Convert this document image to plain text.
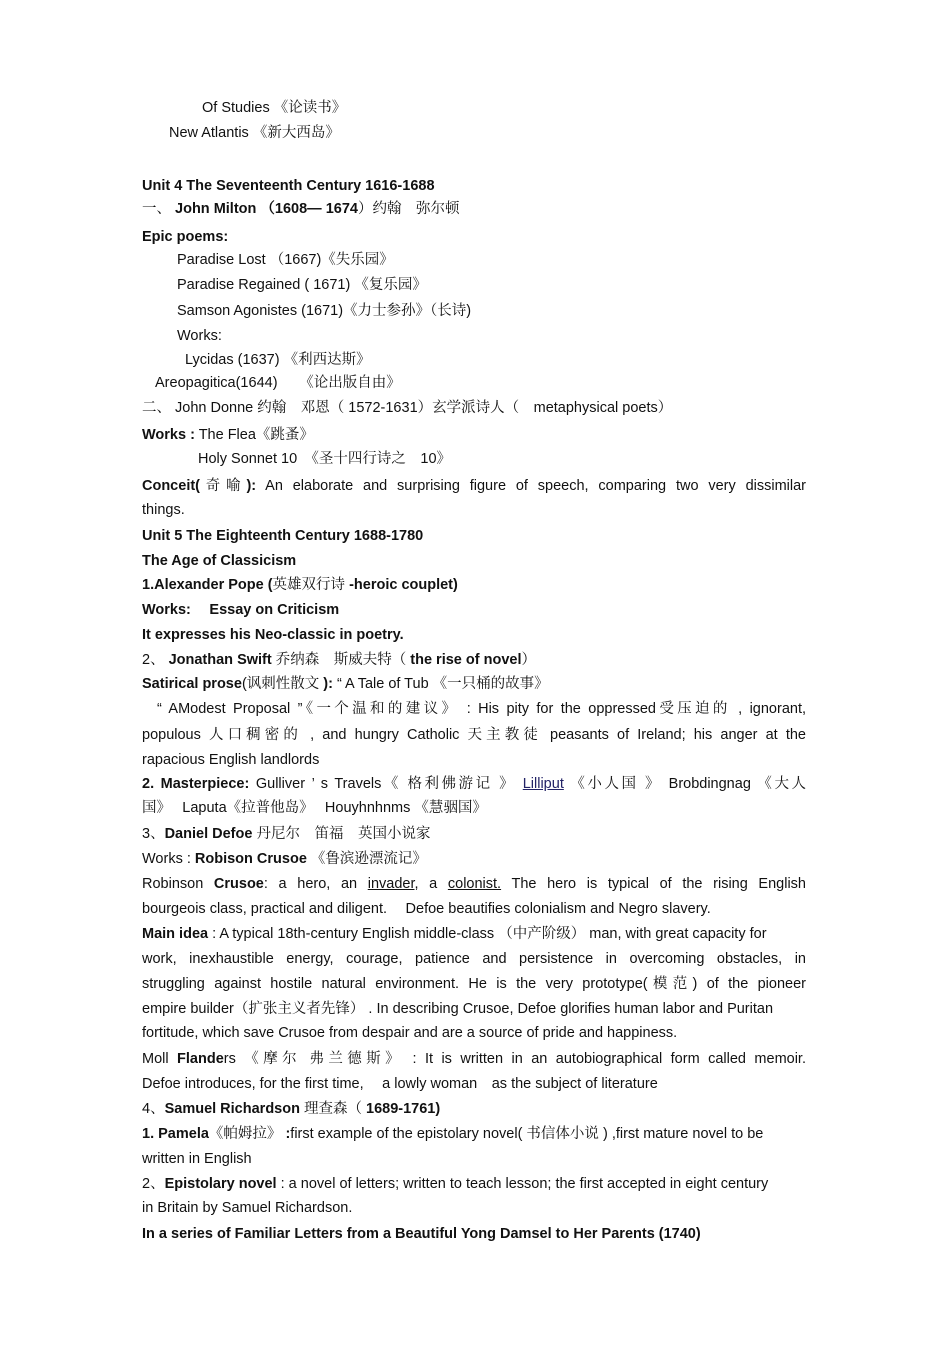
Of Studies 《论读书》
New Atlantis 《新大西岛》
Unit 4 The Seventeenth Century 1616-1688
一、 John Milton （1608— 1674）约翰　弥尔顿
Epic poems:
Paradise Lost （1667)《失乐园》
Paradise Regained ( 1671) 《复乐园》
Samson Agonistes (1671)《力士参孙》（长诗)
Works:
Lycidas (1637) 《利西达斯》
Areopagitica(1644)　　《论出版自由》
二、 John Donne 约翰　邓恩（ 1572-1631）玄学派诗人（　metaphysical poets）
Works : The Flea《跳蚤》
Holy Sonnet 10　《圣十四行诗之　10》
Conceit(奇喻): An elaborate and surprising figure of speech, comparing two very dissimilar
things.
Unit 5 The Eighteenth Century 1688-1780
The Age of Classicism
1.Alexander Pope (英雄双行诗 -heroic couplet)
Works:　 Essay on Criticism
It expresses his Neo-classic in poetry.
2、 Jonathan Swift 乔纳森　斯威夫特（ the rise of novel）
Satirical prose(讽刺性散文 ): “ A Tale of Tub 《一只桶的故事》
“ AModest Proposal ”《一个温和的建议》 : His pity for the oppressed受压迫的 , ignorant,
populous 人口稠密的 , and hungry Catholic 天主教徒 peasants of Ireland; his anger at the
rapacious English landlords
2. Masterpiece: Gulliver ’ s Travels《 格利佛游记 》 Lilliput 《小人国 》 Brobdingnag 《大人
国》　 Laputa《拉普他岛》　 Houyhnhnms 《慧骃国》
3、Daniel Defoe 丹尼尔　笛福　英国小说家
Works : Robison Crusoe 《鲁滨逊漂流记》
Robinson Crusoe: a hero, an invader, a colonist. The hero is typical of the rising English
bourgeois class, practical and diligent.　 Defoe beautifies colonialism and Negro slavery.
Main idea : A typical 18th-century English middle-class （中产阶级） man, with great capacity for
work, inexhaustible energy, courage, patience and persistence in overcoming obstacles, in
struggling against hostile natural environment. He is the very prototype(模范) of the pioneer
empire builder（扩张主义者先锋） . In describing Crusoe, Defoe glorifies human labor and Puritan
fortitude, which save Crusoe from despair and are a source of pride and happiness.
Moll Flanders 《摩尔 弗兰德斯》 : It is written in an autobiographical form called memoir.
Defoe introduces, for the first time, 　a lowly woman　as the subject of literature
4、Samuel Richardson 理查森（ 1689-1761)
1. Pamela《帕姆拉》 :first example of the epistolary novel( 书信体小说 ) ,first mature novel to be
written in English
2、Epistolary novel : a novel of letters; written to teach lesson; the first accepted in eight century
in Britain by Samuel Richardson.
In a series of Familiar Letters from a Beautiful Yong Damsel to Her Parents (1740)
